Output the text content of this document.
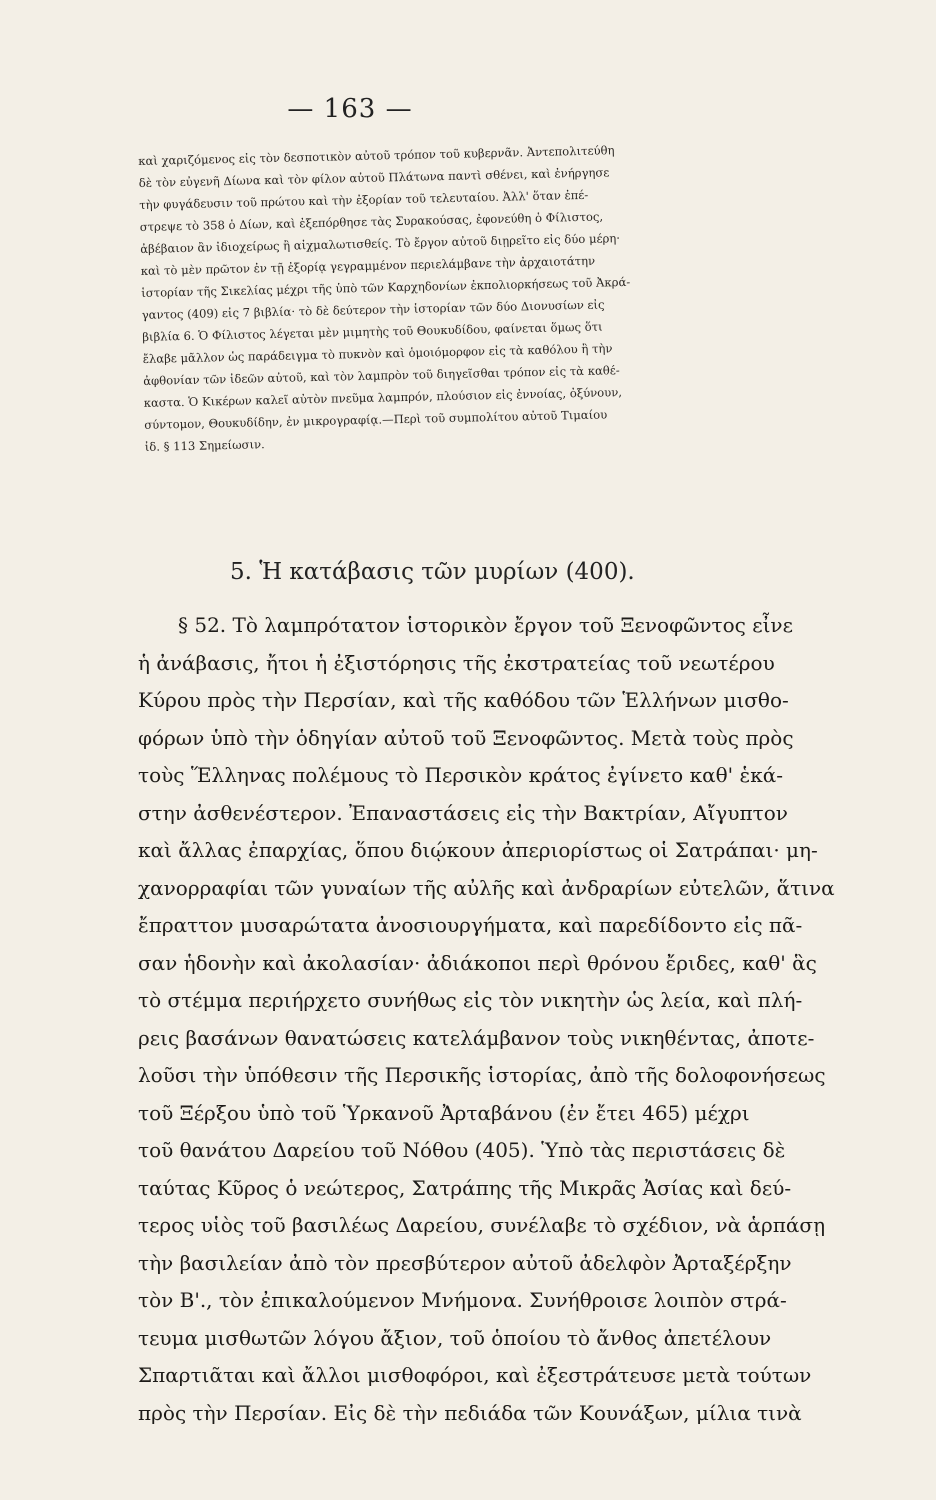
— 163 —
καὶ χαριζόμενος εἰς τὸν δεσποτικὸν αὐτοῦ τρόπον τοῦ κυβερνᾶν. Ἀντεπολιτεύθη
δὲ τὸν εὐγενῆ Δίωνα καὶ τὸν φίλον αὐτοῦ Πλάτωνα παντὶ σθένει, καὶ ἐνήργησε
τὴν φυγάδευσιν τοῦ πρώτου καὶ τὴν ἐξορίαν τοῦ τελευταίου. Ἀλλ' ὅταν ἐπέ-
στρεψε τὸ 358 ὁ Δίων, καὶ ἐξεπόρθησε τὰς Συρακούσας, ἐφονεύθη ὁ Φίλιστος,
ἀβέβαιον ἂν ἰδιοχείρως ἢ αἰχμαλωτισθείς. Τὸ ἔργον αὐτοῦ διῃρεῖτο εἰς δύο μέρη·
καὶ τὸ μὲν πρῶτον ἐν τῇ ἐξορίᾳ γεγραμμένον περιελάμβανε τὴν ἀρχαιοτάτην
ἱστορίαν τῆς Σικελίας μέχρι τῆς ὑπὸ τῶν Καρχηδονίων ἐκπολιορκήσεως τοῦ Ἀκρά-
γαντος (409) εἰς 7 βιβλία· τὸ δὲ δεύτερον τὴν ἱστορίαν τῶν δύο Διονυσίων εἰς
βιβλία 6. Ὁ Φίλιστος λέγεται μὲν μιμητὴς τοῦ Θουκυδίδου, φαίνεται ὅμως ὅτι
ἔλαβε μᾶλλον ὡς παράδειγμα τὸ πυκνὸν καὶ ὁμοιόμορφον εἰς τὰ καθόλου ἢ τὴν
ἀφθονίαν τῶν ἰδεῶν αὐτοῦ, καὶ τὸν λαμπρὸν τοῦ διηγεῖσθαι τρόπον εἰς τὰ καθέ-
καστα. Ὁ Κικέρων καλεῖ αὐτὸν πνεῦμα λαμπρόν, πλούσιον εἰς ἐννοίας, ὀξύνουν,
σύντομον, Θουκυδίδην, ἐν μικρογραφίᾳ.—Περὶ τοῦ συμπολίτου αὐτοῦ Τιμαίου
ἰδ. § 113 Σημείωσιν.
5. Ἡ κατάβασις τῶν μυρίων (400).
§ 52. Τὸ λαμπρότατον ἱστορικὸν ἔργον τοῦ Ξενοφῶντος εἶνε
ἡ ἀνάβασις, ἤτοι ἡ ἐξιστόρησις τῆς ἐκστρατείας τοῦ νεωτέρου
Κύρου πρὸς τὴν Περσίαν, καὶ τῆς καθόδου τῶν Ἑλλήνων μισθο-
φόρων ὑπὸ τὴν ὁδηγίαν αὐτοῦ τοῦ Ξενοφῶντος. Μετὰ τοὺς πρὸς
τοὺς Ἕλληνας πολέμους τὸ Περσικὸν κράτος ἐγίνετο καθ' ἑκά-
στην ἀσθενέστερον. Ἐπαναστάσεις εἰς τὴν Βακτρίαν, Αἴγυπτον
καὶ ἄλλας ἐπαρχίας, ὅπου διῴκουν ἀπεριορίστως οἱ Σατράπαι· μη-
χανορραφίαι τῶν γυναίων τῆς αὐλῆς καὶ ἀνδραρίων εὐτελῶν, ἅτινα
ἔπραττον μυσαρώτατα ἀνοσιουργήματα, καὶ παρεδίδοντο εἰς πᾶ-
σαν ἡδονὴν καὶ ἀκολασίαν· ἀδιάκοποι περὶ θρόνου ἔριδες, καθ' ἃς
τὸ στέμμα περιήρχετο συνήθως εἰς τὸν νικητὴν ὡς λεία, καὶ πλή-
ρεις βασάνων θανατώσεις κατελάμβανον τοὺς νικηθέντας, ἀποτε-
λοῦσι τὴν ὑπόθεσιν τῆς Περσικῆς ἱστορίας, ἀπὸ τῆς δολοφονήσεως
τοῦ Ξέρξου ὑπὸ τοῦ Ὑρκανοῦ Ἀρταβάνου (ἐν ἔτει 465) μέχρι
τοῦ θανάτου Δαρείου τοῦ Νόθου (405). Ὑπὸ τὰς περιστάσεις δὲ
ταύτας Κῦρος ὁ νεώτερος, Σατράπης τῆς Μικρᾶς Ἀσίας καὶ δεύ-
τερος υἱὸς τοῦ βασιλέως Δαρείου, συνέλαβε τὸ σχέδιον, νὰ ἁρπάσῃ
τὴν βασιλείαν ἀπὸ τὸν πρεσβύτερον αὐτοῦ ἀδελφὸν Ἀρταξέρξην
τὸν Β'., τὸν ἐπικαλούμενον Μνήμονα. Συνήθροισε λοιπὸν στρά-
τευμα μισθωτῶν λόγου ἄξιον, τοῦ ὁποίου τὸ ἄνθος ἀπετέλουν
Σπαρτιᾶται καὶ ἄλλοι μισθοφόροι, καὶ ἐξεστράτευσε μετὰ τούτων
πρὸς τὴν Περσίαν. Εἰς δὲ τὴν πεδιάδα τῶν Κουνάξων, μίλια τινὰ
